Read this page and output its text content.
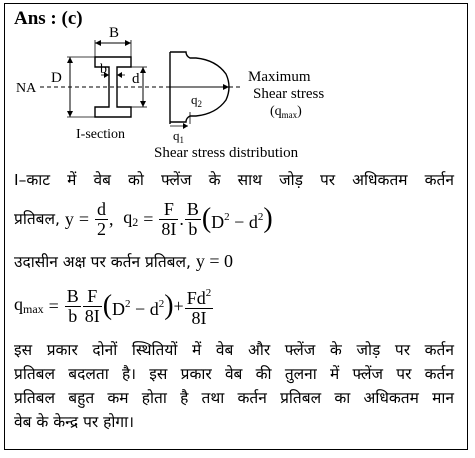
Ans : (c)
NA
B
D
b
d
I-section
$q_2$
$q_1$
Maximum
Shear stress
$(q_{max})$
Shear stress distribution
I–काट में वेब को फ्लेंज के साथ जोड़ पर अधिकतम कर्तन
प्रतिबल,
y
=
$\frac{d}{2}$ ,
$q_2$
=
$\frac{F}{8I}$ . $\frac{B}{b}$ ( $D^2 - d^2$ )
उदासीन अक्ष पर कर्तन प्रतिबल, y = 0
$q_{max}$
=
$\frac{B}{b} \frac{F}{8I}$ ( $D^2 - d^2$ ) + $\frac{Fd^2}{8I}$
इस प्रकार दोनों स्थितियों में वेब और फ्लेंज के जोड़ पर कर्तन
प्रतिबल बदलता है। इस प्रकार वेब की तुलना में फ्लेंज पर कर्तन
प्रतिबल बहुत कम होता है तथा कर्तन प्रतिबल का अधिकतम मान
वेब के केन्द्र पर होगा।
